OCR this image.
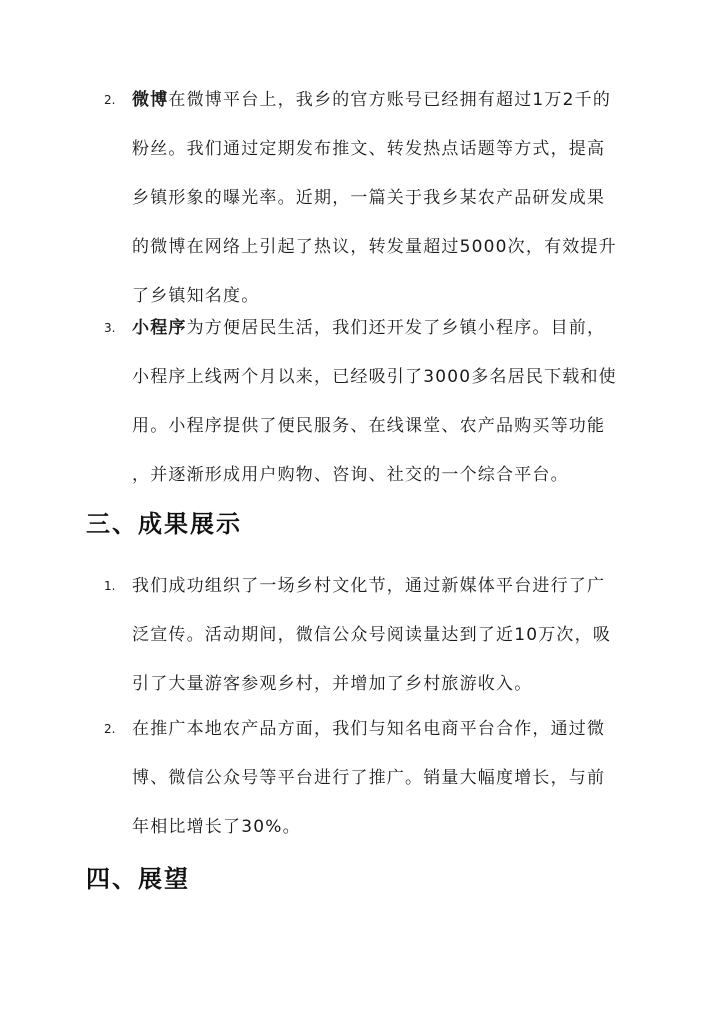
2. 微博在微博平台上，我乡的官方账号已经拥有超过1万2千的
粉丝。我们通过定期发布推文、转发热点话题等方式，提高
乡镇形象的曝光率。近期，一篇关于我乡某农产品研发成果
的微博在网络上引起了热议，转发量超过5000次，有效提升
了乡镇知名度。
3. 小程序为方便居民生活，我们还开发了乡镇小程序。目前，
小程序上线两个月以来，已经吸引了3000多名居民下载和使
用。小程序提供了便民服务、在线课堂、农产品购买等功能
，并逐渐形成用户购物、咨询、社交的一个综合平台。
三、成果展示
1. 我们成功组织了一场乡村文化节，通过新媒体平台进行了广
泛宣传。活动期间，微信公众号阅读量达到了近10万次，吸
引了大量游客参观乡村，并增加了乡村旅游收入。
2. 在推广本地农产品方面，我们与知名电商平台合作，通过微
博、微信公众号等平台进行了推广。销量大幅度增长，与前
年相比增长了30%。
四、展望
